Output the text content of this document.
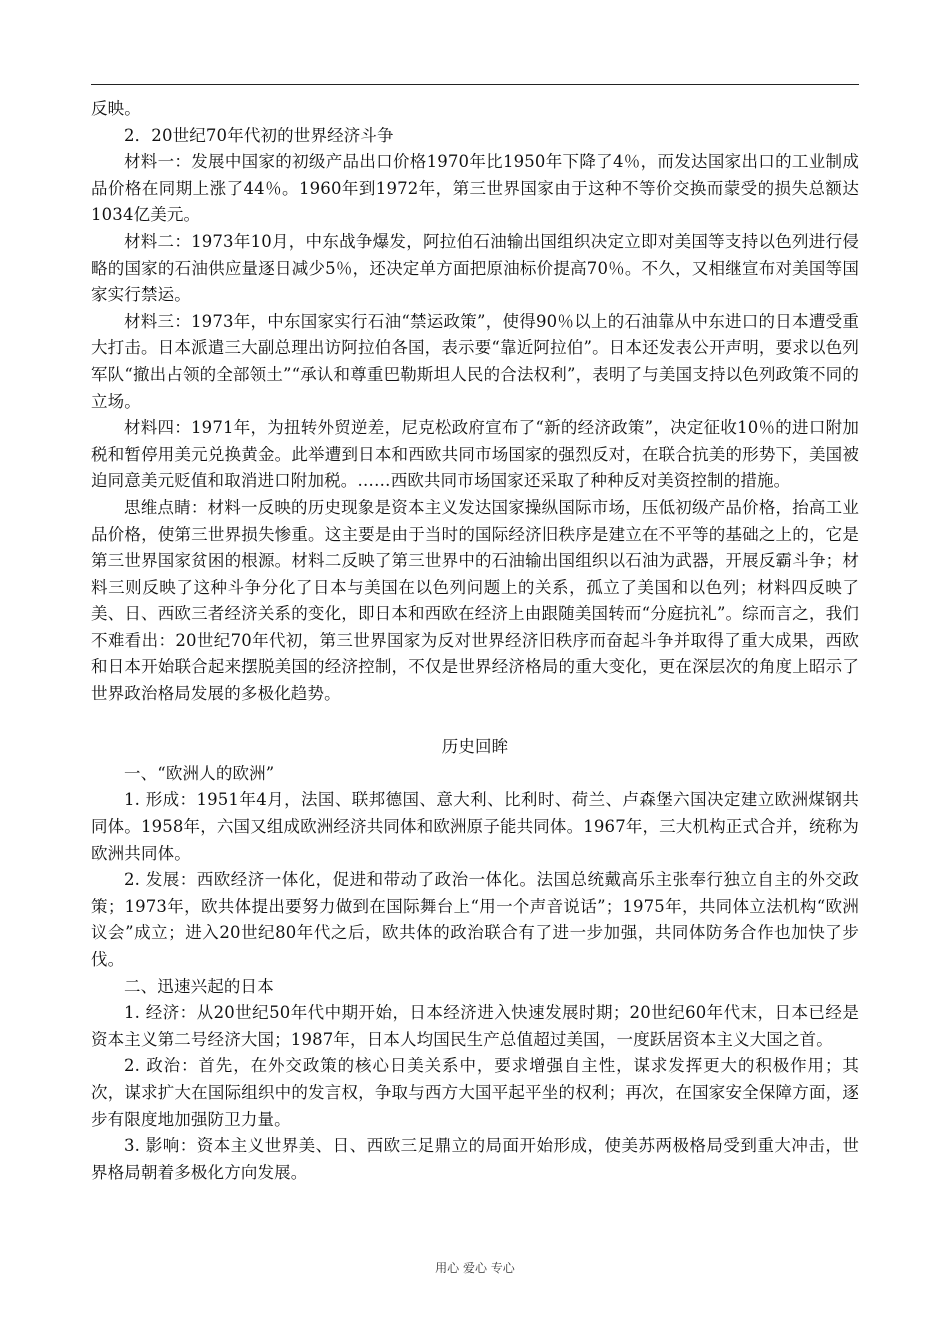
反映。

2．20世纪70年代初的世界经济斗争

材料一：发展中国家的初级产品出口价格1970年比1950年下降了4％，而发达国家出口的工业制成品价格在同期上涨了44％。1960年到1972年，第三世界国家由于这种不等价交换而蒙受的损失总额达1034亿美元。

材料二：1973年10月，中东战争爆发，阿拉伯石油输出国组织决定立即对美国等支持以色列进行侵略的国家的石油供应量逐日减少5％，还决定单方面把原油标价提高70％。不久，又相继宣布对美国等国家实行禁运。

材料三：1973年，中东国家实行石油“禁运政策”，使得90％以上的石油靠从中东进口的日本遭受重大打击。日本派遣三大副总理出访阿拉伯各国，表示要“靠近阿拉伯”。日本还发表公开声明，要求以色列军队“撤出占领的全部领土”“承认和尊重巴勒斯坦人民的合法权利”，表明了与美国支持以色列政策不同的立场。

材料四：1971年，为扭转外贸逆差，尼克松政府宣布了“新的经济政策”，决定征收10％的进口附加税和暂停用美元兑换黄金。此举遭到日本和西欧共同市场国家的强烈反对，在联合抗美的形势下，美国被迫同意美元贬值和取消进口附加税。……西欧共同市场国家还采取了种种反对美资控制的措施。

思维点睛：材料一反映的历史现象是资本主义发达国家操纵国际市场，压低初级产品价格，抬高工业品价格，使第三世界损失惨重。这主要是由于当时的国际经济旧秩序是建立在不平等的基础之上的，它是第三世界国家贫困的根源。材料二反映了第三世界中的石油输出国组织以石油为武器，开展反霸斗争；材料三则反映了这种斗争分化了日本与美国在以色列问题上的关系，孤立了美国和以色列；材料四反映了美、日、西欧三者经济关系的变化，即日本和西欧在经济上由跟随美国转而“分庭抗礼”。综而言之，我们不难看出：20世纪70年代初，第三世界国家为反对世界经济旧秩序而奋起斗争并取得了重大成果，西欧和日本开始联合起来摆脱美国的经济控制，不仅是世界经济格局的重大变化，更在深层次的角度上昭示了世界政治格局发展的多极化趋势。

历史回眸

一、“欧洲人的欧洲”

1. 形成：1951年4月，法国、联邦德国、意大利、比利时、荷兰、卢森堡六国决定建立欧洲煤钢共同体。1958年，六国又组成欧洲经济共同体和欧洲原子能共同体。1967年，三大机构正式合并，统称为欧洲共同体。

2. 发展：西欧经济一体化，促进和带动了政治一体化。法国总统戴高乐主张奉行独立自主的外交政策；1973年，欧共体提出要努力做到在国际舞台上“用一个声音说话”；1975年，共同体立法机构“欧洲议会”成立；进入20世纪80年代之后，欧共体的政治联合有了进一步加强，共同体防务合作也加快了步伐。

二、迅速兴起的日本

1. 经济：从20世纪50年代中期开始，日本经济进入快速发展时期；20世纪60年代末，日本已经是资本主义第二号经济大国；1987年，日本人均国民生产总值超过美国，一度跃居资本主义大国之首。

2. 政治：首先，在外交政策的核心日美关系中，要求增强自主性，谋求发挥更大的积极作用；其次，谋求扩大在国际组织中的发言权，争取与西方大国平起平坐的权利；再次，在国家安全保障方面，逐步有限度地加强防卫力量。

3. 影响：资本主义世界美、日、西欧三足鼎立的局面开始形成，使美苏两极格局受到重大冲击，世界格局朝着多极化方向发展。

用心 爱心 专心
